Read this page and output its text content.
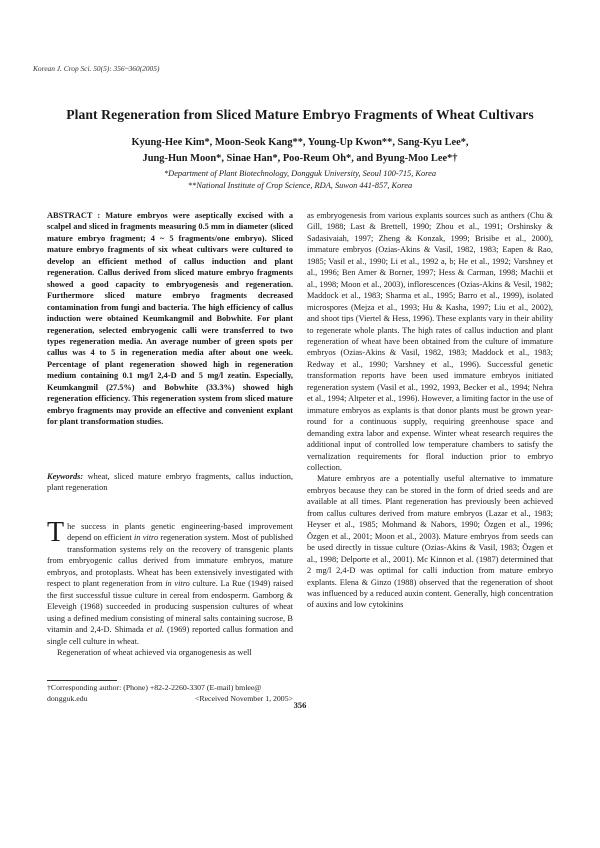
Korean J. Crop Sci. 50(5): 356~360(2005)
Plant Regeneration from Sliced Mature Embryo Fragments of Wheat Cultivars
Kyung-Hee Kim*, Moon-Seok Kang**, Young-Up Kwon**, Sang-Kyu Lee*,
Jung-Hun Moon*, Sinae Han*, Poo-Reum Oh*, and Byung-Moo Lee*†
*Department of Plant Biotechnology, Dongguk University, Seoul 100-715, Korea
**National Institute of Crop Science, RDA, Suwon 441-857, Korea
ABSTRACT : Mature embryos were aseptically excised with a scalpel and sliced in fragments measuring 0.5 mm in diameter (sliced mature embryo fragment; 4 ~ 5 fragments/one embryo). Sliced mature embryo fragments of six wheat cultivars were cultured to develop an efficient method of callus induction and plant regeneration. Callus derived from sliced mature embryo fragments showed a good capacity to embryogenesis and regeneration. Furthermore sliced mature embryo fragments decreased contamination from fungi and bacteria. The high efficiency of callus induction were obtained Keumkangmil and Bobwhite. For plant regeneration, selected embryogenic calli were transferred to two types regeneration media. An average number of green spots per callus was 4 to 5 in regeneration media after about one week. Percentage of plant regeneration showed high in regeneration medium containing 0.1 mg/l 2,4-D and 5 mg/l zeatin. Especially, Keumkangmil (27.5%) and Bobwhite (33.3%) showed high regeneration efficiency. This regeneration system from sliced mature embryo fragments may provide an effective and convenient explant for plant transformation studies.
Keywords: wheat, sliced mature embryo fragments, callus induction, plant regeneration
The success in plants genetic engineering-based improvement depend on efficient in vitro regeneration system. Most of published transformation systems rely on the recovery of transgenic plants from embryogenic callus derived from immature embryos, mature embryos, and protoplasts. Wheat has been extensively investigated with respect to plant regeneration from in vitro culture. La Rue (1949) raised the first successful tissue culture in cereal from endosperm. Gamborg & Eleveigh (1968) succeeded in producing suspension cultures of wheat using a defined medium consisting of mineral salts containing sucrose, B vitamin and 2,4-D. Shimada et al. (1969) reported callus formation and single cell culture in wheat.
Regeneration of wheat achieved via organogenesis as well
†Corresponding author: (Phone) +82-2-2260-3307 (E-mail) bmlee@
dongguk.edu	<Received November 1, 2005>
as embryogenesis from various explants sources such as anthers (Chu & Gill, 1988; Last & Brettell, 1990; Zhou et al., 1991; Orshinsky & Sadasivaiah, 1997; Zheng & Konzak, 1999; Brisibe et al., 2000), immature embryos (Ozias-Akins & Vasil, 1982, 1983; Eapen & Rao, 1985; Vasil et al., 1990; Li et al., 1992 a, b; He et al., 1992; Varshney et al., 1996; Ben Amer & Borner, 1997; Hess & Carman, 1998; Machii et al., 1998; Moon et al., 2003), inflorescences (Ozias-Akins & Vesil, 1982; Maddock et al., 1983; Sharma et al., 1995; Barro et al., 1999), isolated microspores (Mejza et al., 1993; Hu & Kasha, 1997; Liu et al., 2002), and shoot tips (Viertel & Hess, 1996). These explants vary in their ability to regenerate whole plants. The high rates of callus induction and plant regeneration of wheat have been obtained from the culture of immature embryos (Ozias-Akins & Vasil, 1982, 1983; Maddock et al., 1983; Redway et al., 1990; Varshney et al., 1996). Successful genetic transformation reports have been used immature embryos initiated regeneration system (Vasil et al., 1992, 1993, Becker et al., 1994; Nehra et al., 1994; Altpeter et al., 1996). However, a limiting factor in the use of immature embryos as explants is that donor plants must be grown year-round for a continuous supply, requiring greenhouse space and demanding extra labor and expense. Winter wheat research requires the additional input of controlled low temperature chambers to satisfy the vernalization requirements for floral induction prior to embryo collection.
Mature embryos are a potentially useful alternative to immature embryos because they can be stored in the form of dried seeds and are available at all times. Plant regeneration has previously been achieved from callus cultures derived from mature embryos (Lazar et al., 1983; Heyser et al., 1985; Mohmand & Nabors, 1990; Özgen et al., 1996; Özgen et al., 2001; Moon et al., 2003). Mature embryos from seeds can be used directly in tissue culture (Ozias-Akins & Vasil, 1983; Özgen et al., 1998; Delporte et al., 2001). Mc Kinnon et al. (1987) determined that 2 mg/l 2,4-D was optimal for calli induction from mature embryo explants. Elena & Ginzo (1988) observed that the regeneration of shoot was influenced by a reduced auxin content. Generally, high concentration of auxins and low cytokinins
356
